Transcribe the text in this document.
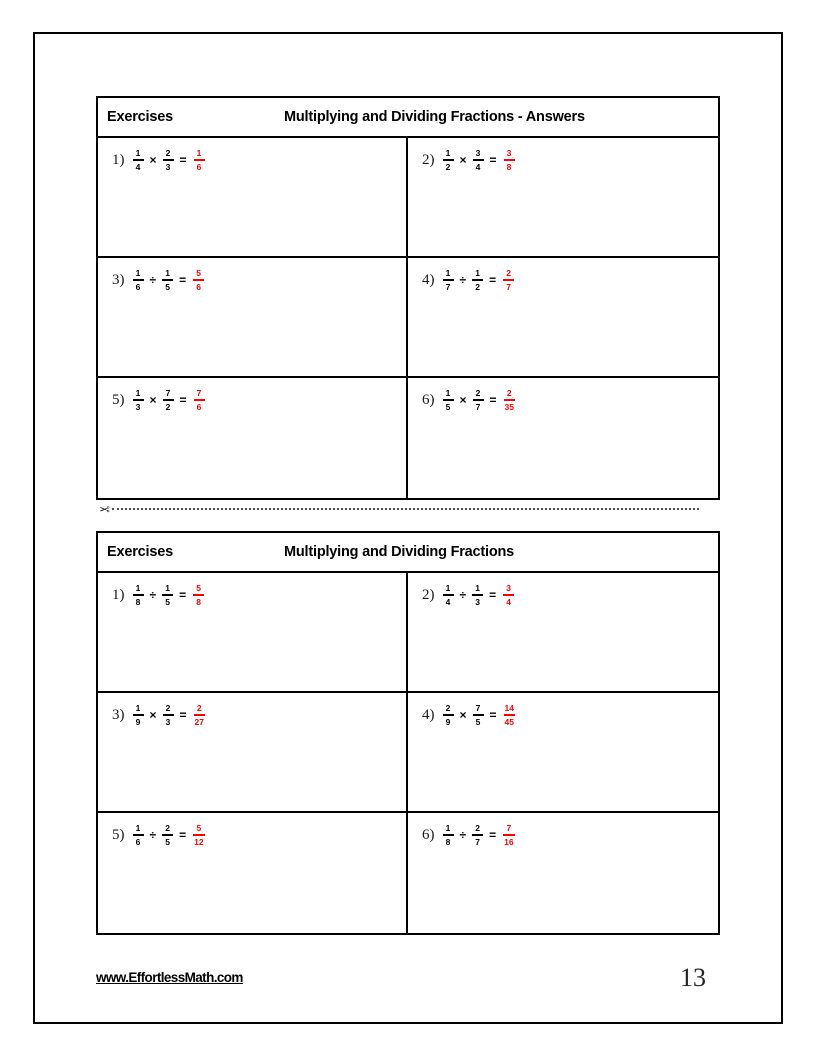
Exercises	Multiplying and Dividing Fractions - Answers
$1) \frac{1}{4} \times \frac{2}{3} = \frac{1}{6}$	$2) \frac{1}{2} \times \frac{3}{4} = \frac{3}{8}$
$3) \frac{1}{6} \div \frac{1}{5} = \frac{5}{6}$	$4) \frac{1}{7} \div \frac{1}{2} = \frac{2}{7}$
$5) \frac{1}{3} \times \frac{7}{2} = \frac{7}{6}$	$6) \frac{1}{5} \times \frac{2}{7} = \frac{2}{35}$
✂
Exercises	Multiplying and Dividing Fractions
$1) \frac{1}{8} \div \frac{1}{5} = \frac{5}{8}$	$2) \frac{1}{4} \div \frac{1}{3} = \frac{3}{4}$
$3) \frac{1}{9} \times \frac{2}{3} = \frac{2}{27}$	$4) \frac{2}{9} \times \frac{7}{5} = \frac{14}{45}$
$5) \frac{1}{6} \div \frac{2}{5} = \frac{5}{12}$	$6) \frac{1}{8} \div \frac{2}{7} = \frac{7}{16}$
www.EffortlessMath.com	13
